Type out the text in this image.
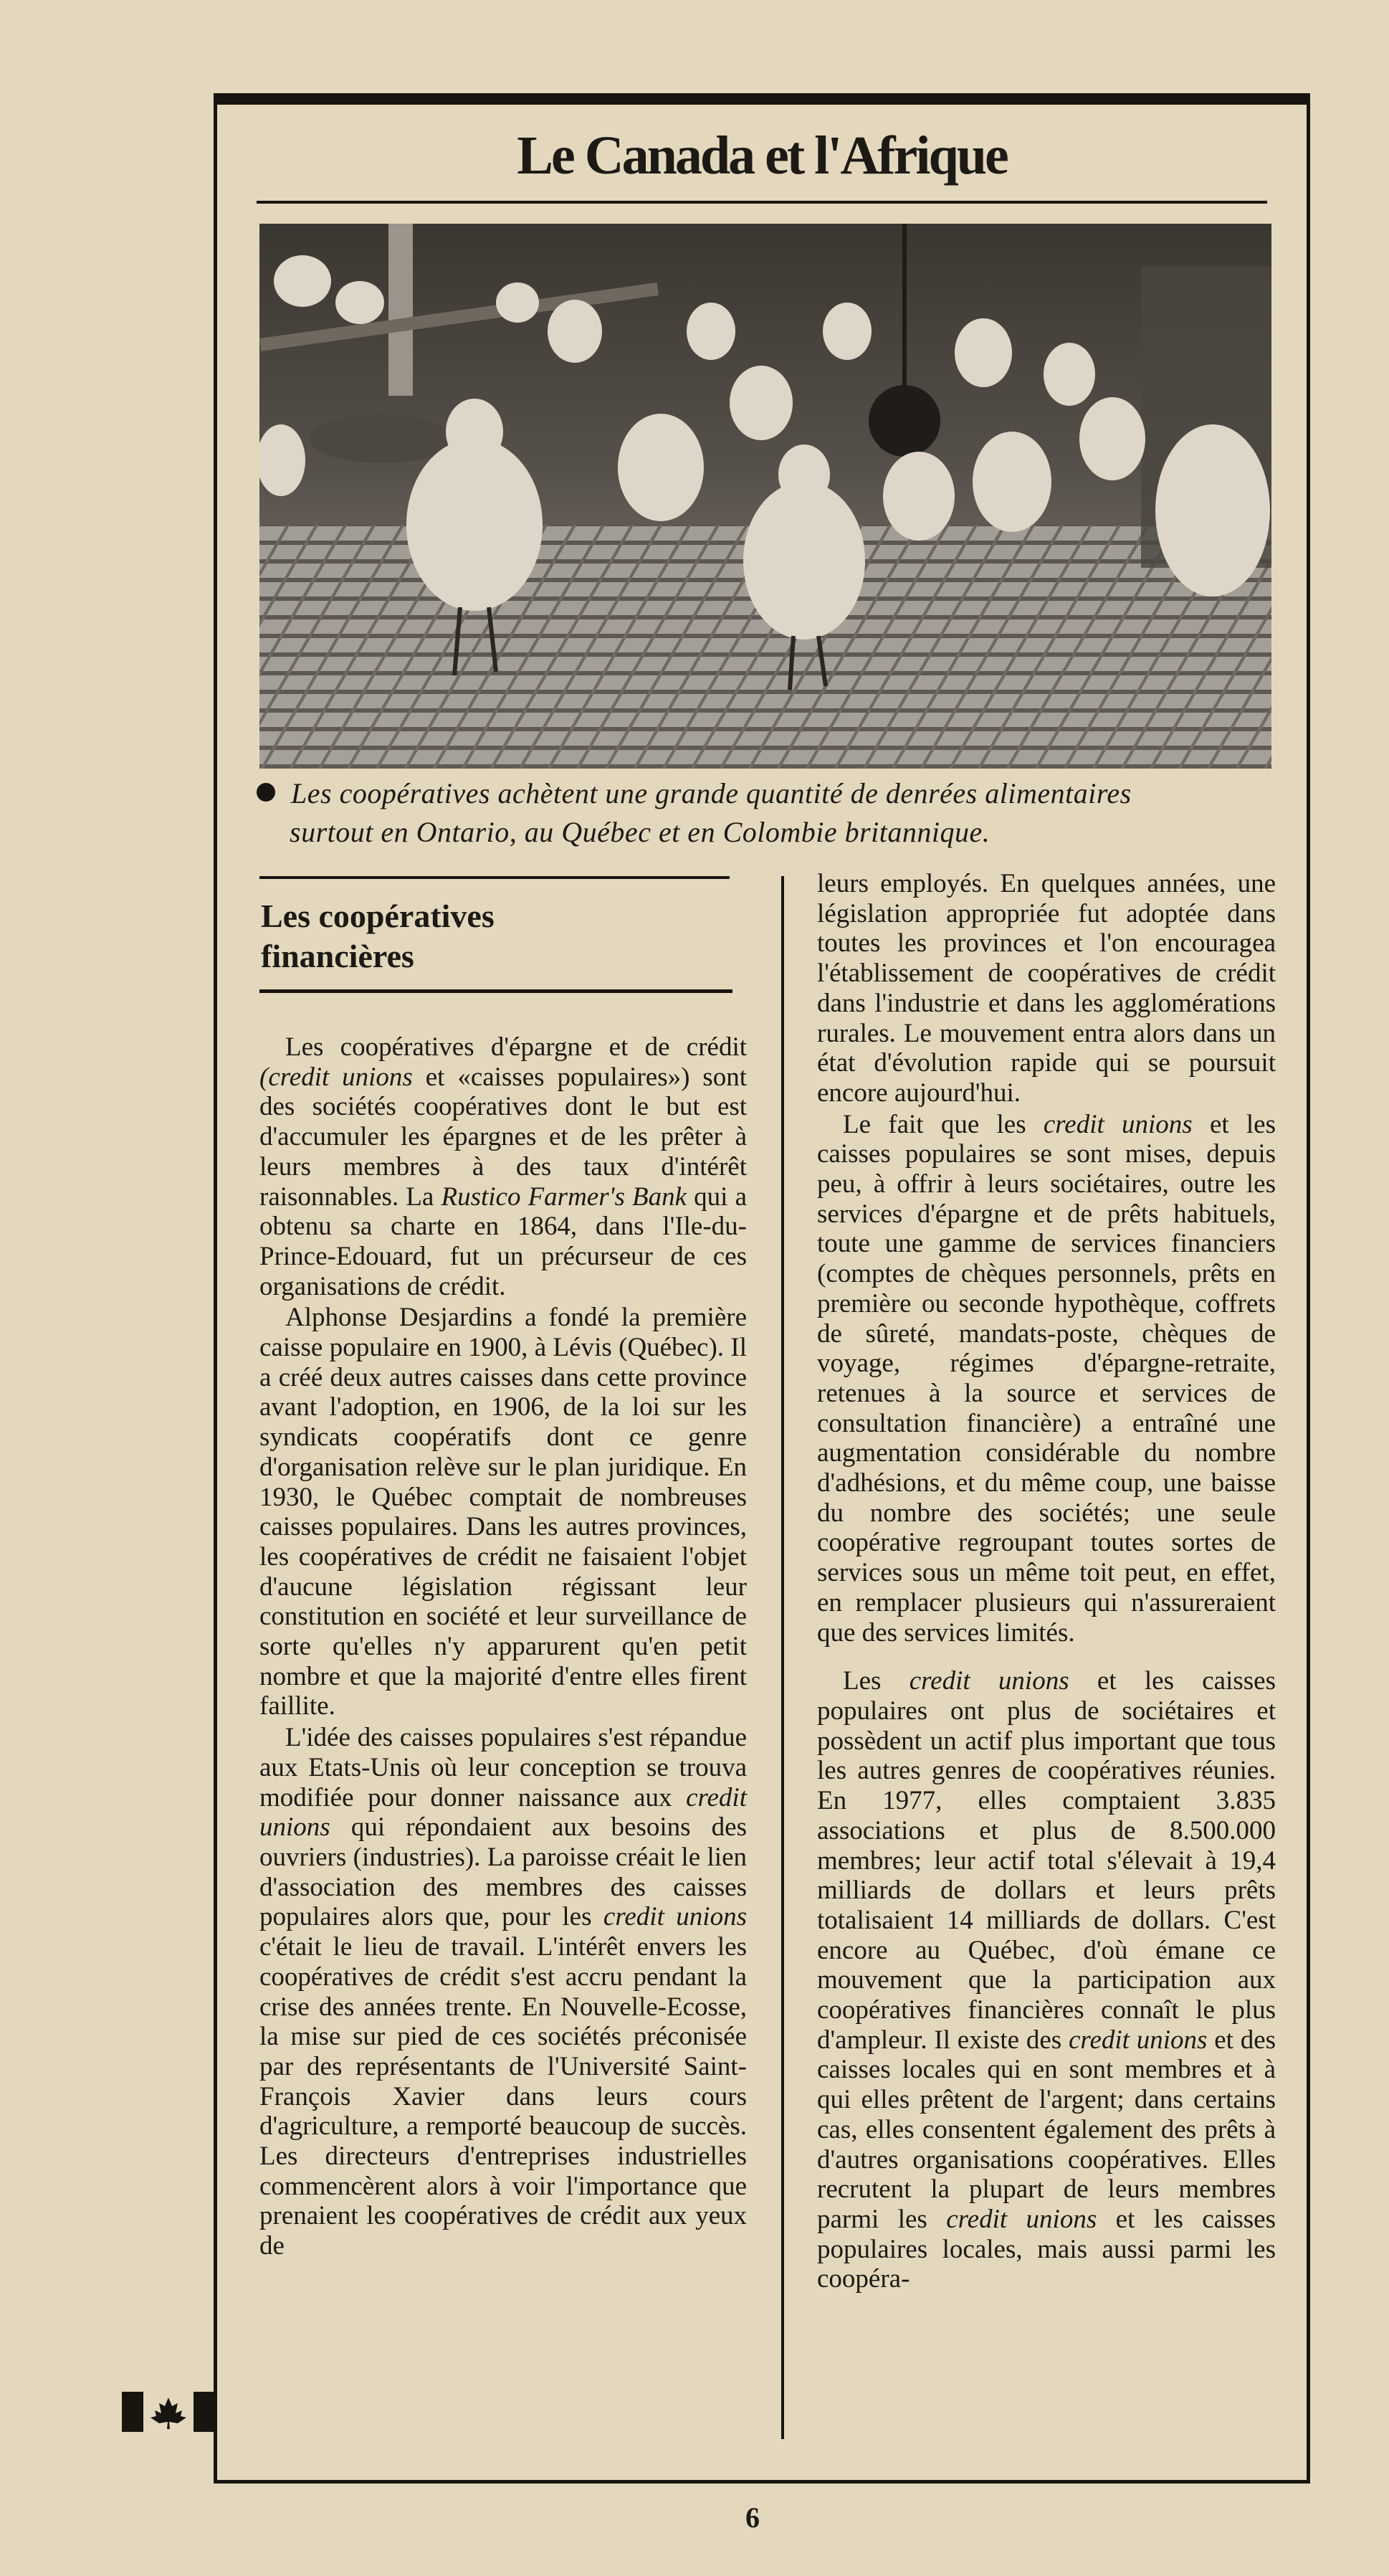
Le Canada et l'Afrique
Les coopératives achètent une grande quantité de denrées alimentaires
surtout en Ontario, au Québec et en Colombie britannique.
Les coopératives
financières

Les coopératives d'épargne et de crédit (credit unions et «caisses populaires») sont des sociétés coopératives dont le but est d'accumuler les épargnes et de les prêter à leurs membres à des taux d'intérêt raisonnables. La Rustico Farmer's Bank qui a obtenu sa charte en 1864, dans l'Ile-du-Prince-Edouard, fut un précurseur de ces organisations de crédit.

Alphonse Desjardins a fondé la première caisse populaire en 1900, à Lévis (Québec). Il a créé deux autres caisses dans cette province avant l'adoption, en 1906, de la loi sur les syndicats coopératifs dont ce genre d'organisation relève sur le plan juridique. En 1930, le Québec comptait de nombreuses caisses populaires. Dans les autres provinces, les coopératives de crédit ne faisaient l'objet d'aucune législation régissant leur constitution en société et leur surveillance de sorte qu'elles n'y apparurent qu'en petit nombre et que la majorité d'entre elles firent faillite.

L'idée des caisses populaires s'est répandue aux Etats-Unis où leur conception se trouva modifiée pour donner naissance aux credit unions qui répondaient aux besoins des ouvriers (industries). La paroisse créait le lien d'association des membres des caisses populaires alors que, pour les credit unions c'était le lieu de travail. L'intérêt envers les coopératives de crédit s'est accru pendant la crise des années trente. En Nouvelle-Ecosse, la mise sur pied de ces sociétés préconisée par des représentants de l'Université Saint-François Xavier dans leurs cours d'agriculture, a remporté beaucoup de succès. Les directeurs d'entreprises industrielles commencèrent alors à voir l'importance que prenaient les coopératives de crédit aux yeux de

leurs employés. En quelques années, une législation appropriée fut adoptée dans toutes les provinces et l'on encouragea l'établissement de coopératives de crédit dans l'industrie et dans les agglomérations rurales. Le mouvement entra alors dans un état d'évolution rapide qui se poursuit encore aujourd'hui.

Le fait que les credit unions et les caisses populaires se sont mises, depuis peu, à offrir à leurs sociétaires, outre les services d'épargne et de prêts habituels, toute une gamme de services financiers (comptes de chèques personnels, prêts en première ou seconde hypothèque, coffrets de sûreté, mandats-poste, chèques de voyage, régimes d'épargne-retraite, retenues à la source et services de consultation financière) a entraîné une augmentation considérable du nombre d'adhésions, et du même coup, une baisse du nombre des sociétés; une seule coopérative regroupant toutes sortes de services sous un même toit peut, en effet, en remplacer plusieurs qui n'assureraient que des services limités.

Les credit unions et les caisses populaires ont plus de sociétaires et possèdent un actif plus important que tous les autres genres de coopératives réunies. En 1977, elles comptaient 3.835 associations et plus de 8.500.000 membres; leur actif total s'élevait à 19,4 milliards de dollars et leurs prêts totalisaient 14 milliards de dollars. C'est encore au Québec, d'où émane ce mouvement que la participation aux coopératives financières connaît le plus d'ampleur. Il existe des credit unions et des caisses locales qui en sont membres et à qui elles prêtent de l'argent; dans certains cas, elles consentent également des prêts à d'autres organisations coopératives. Elles recrutent la plupart de leurs membres parmi les credit unions et les caisses populaires locales, mais aussi parmi les coopéra-

6
